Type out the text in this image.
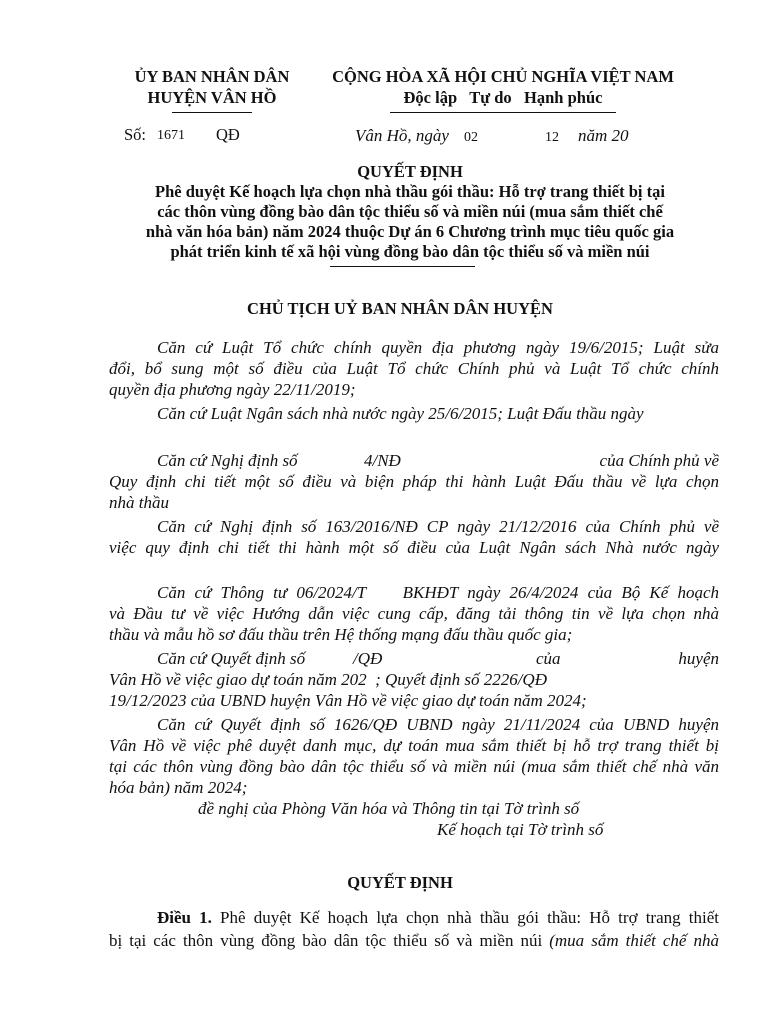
ỦY BAN NHÂN DÂN
HUYỆN VÂN HỒ
CỘNG HÒA XÃ HỘI CHỦ NGHĨA VIỆT NAM
Độc lập   Tự do   Hạnh phúc
Số: 1671 QĐ	Vân Hồ, ngày 02	12 năm 20
QUYẾT ĐỊNH
Phê duyệt Kế hoạch lựa chọn nhà thầu gói thầu: Hỗ trợ trang thiết bị tại
các thôn vùng đồng bào dân tộc thiểu số và miền núi (mua sắm thiết chế
nhà văn hóa bản) năm 2024 thuộc Dự án 6 Chương trình mục tiêu quốc gia
phát triển kinh tế xã hội vùng đồng bào dân tộc thiểu số và miền núi
CHỦ TỊCH UỶ BAN NHÂN DÂN HUYỆN
Căn cứ Luật Tổ chức chính quyền địa phương ngày 19/6/2015; Luật sửa
đổi, bổ sung một số điều của Luật Tổ chức Chính phủ và Luật Tổ chức chính
quyền địa phương ngày 22/11/2019;
Căn cứ Luật Ngân sách nhà nước ngày 25/6/2015; Luật Đấu thầu ngày
Căn cứ Nghị định số	4/NĐ	của Chính phủ về
Quy định chi tiết một số điều và biện pháp thi hành Luật Đấu thầu về lựa chọn
nhà thầu
Căn cứ Nghị định số 163/2016/NĐ CP ngày 21/12/2016 của Chính phủ về
việc quy định chi tiết thi hành một số điều của Luật Ngân sách Nhà nước ngày
Căn cứ Thông tư 06/2024/T    BKHĐT ngày 26/4/2024 của Bộ Kế hoạch
và Đầu tư về việc Hướng dẫn việc cung cấp, đăng tải thông tin về lựa chọn nhà
thầu và mẫu hồ sơ đấu thầu trên Hệ thống mạng đấu thầu quốc gia;
Căn cứ Quyết định số	/QĐ	của	huyện
Vân Hồ về việc giao dự toán năm 202  ; Quyết định số 2226/QĐ
19/12/2023 của UBND huyện Vân Hồ về việc giao dự toán năm 2024;
Căn cứ Quyết định số 1626/QĐ UBND ngày 21/11/2024 của UBND huyện
Vân Hồ về việc phê duyệt danh mục, dự toán mua sắm thiết bị hỗ trợ trang thiết bị
tại các thôn vùng đồng bào dân tộc thiểu số và miền núi (mua sắm thiết chế nhà văn
hóa bản) năm 2024;
đề nghị của Phòng Văn hóa và Thông tin tại Tờ trình số
Kế hoạch tại Tờ trình số
QUYẾT ĐỊNH
Điều 1. Phê duyệt Kế hoạch lựa chọn nhà thầu gói thầu: Hỗ trợ trang thiết
bị tại các thôn vùng đồng bào dân tộc thiểu số và miền núi (mua sắm thiết chế nhà
